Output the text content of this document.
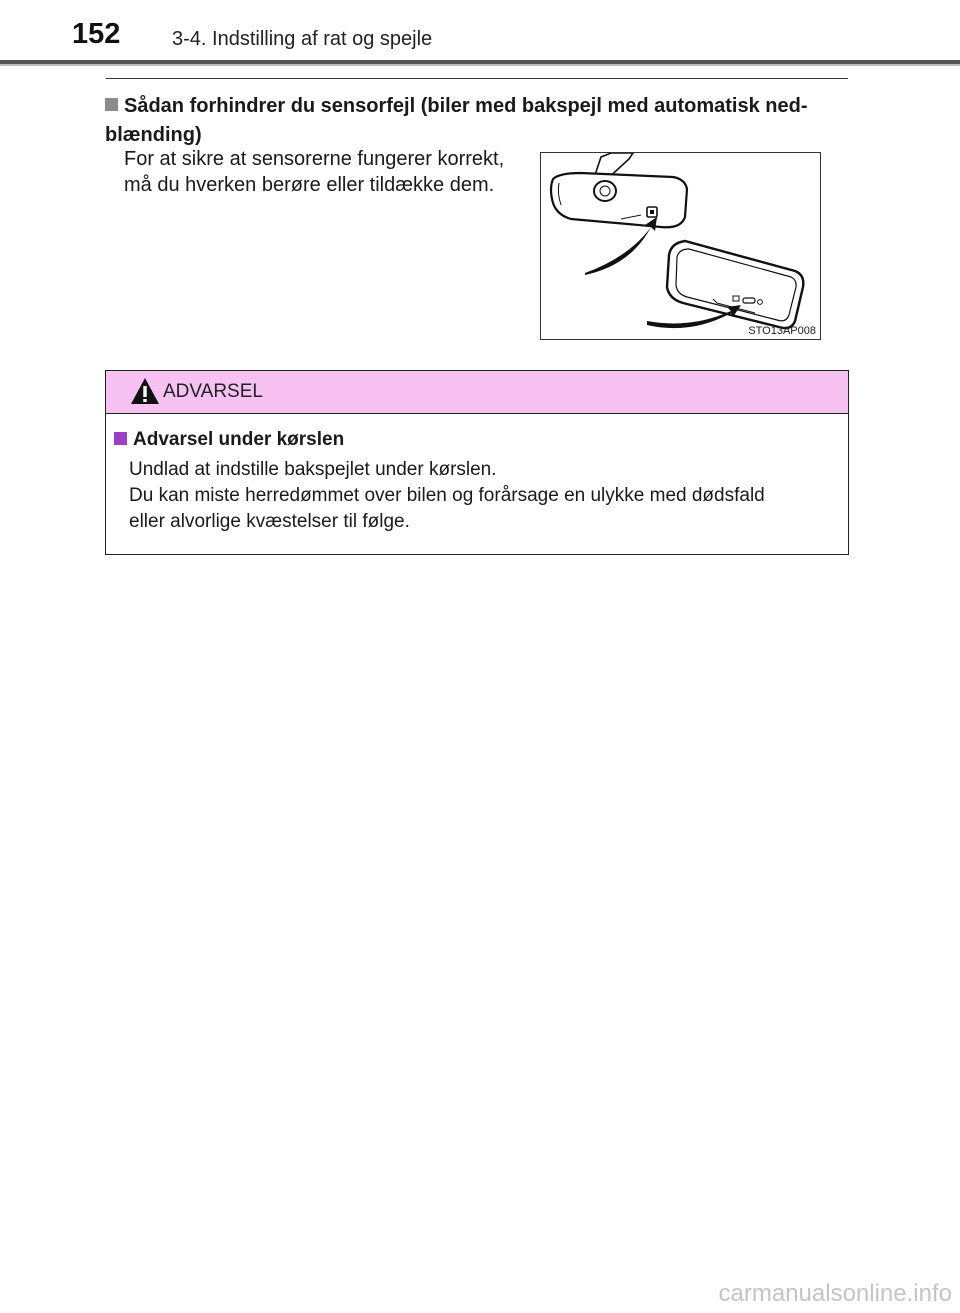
152	3-4. Indstilling af rat og spejle
Sådan forhindrer du sensorfejl (biler med bakspejl med automatisk ned-blænding)
For at sikre at sensorerne fungerer korrekt,
må du hverken berøre eller tildække dem.
STO13AP008
ADVARSEL
Advarsel under kørslen
Undlad at indstille bakspejlet under kørslen.
Du kan miste herredømmet over bilen og forårsage en ulykke med dødsfald
eller alvorlige kvæstelser til følge.
carmanualsonline.info
